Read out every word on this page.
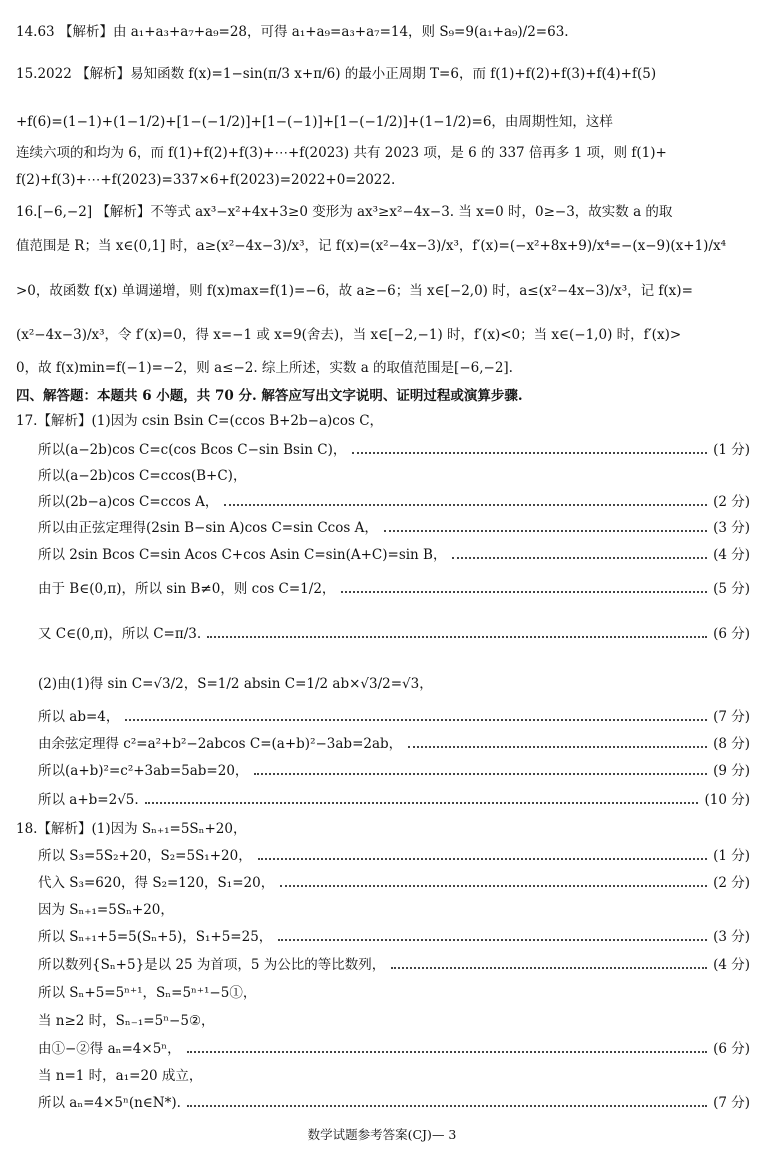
14.63 【解析】由 a₁+a₃+a₇+a₉=28，可得 a₁+a₉=a₃+a₇=14，则 S₉=9(a₁+a₉)/2=63.
15.2022 【解析】易知函数 f(x)=1−sin(π/3 x+π/6) 的最小正周期 T=6，而 f(1)+f(2)+f(3)+f(4)+f(5)
+f(6)=(1−1)+(1−1/2)+[1−(−1/2)]+[1−(−1)]+[1−(−1/2)]+(1−1/2)=6，由周期性知，这样
连续六项的和均为 6，而 f(1)+f(2)+f(3)+⋯+f(2023) 共有 2023 项，是 6 的 337 倍再多 1 项，则 f(1)+
f(2)+f(3)+⋯+f(2023)=337×6+f(2023)=2022+0=2022.
16.[−6,−2] 【解析】不等式 ax³−x²+4x+3≥0 变形为 ax³≥x²−4x−3. 当 x=0 时，0≥−3，故实数 a 的取
值范围是 R；当 x∈(0,1] 时，a≥(x²−4x−3)/x³，记 f(x)=(x²−4x−3)/x³，f′(x)=(−x²+8x+9)/x⁴=−(x−9)(x+1)/x⁴
>0，故函数 f(x) 单调递增，则 f(x)max=f(1)=−6，故 a≥−6；当 x∈[−2,0) 时，a≤(x²−4x−3)/x³，记 f(x)=
(x²−4x−3)/x³，令 f′(x)=0，得 x=−1 或 x=9(舍去)，当 x∈[−2,−1) 时，f′(x)<0；当 x∈(−1,0) 时，f′(x)>
0，故 f(x)min=f(−1)=−2，则 a≤−2. 综上所述，实数 a 的取值范围是[−6,−2].
四、解答题：本题共 6 小题，共 70 分. 解答应写出文字说明、证明过程或演算步骤.
17.【解析】(1)因为 csin Bsin C=(ccos B+2b−a)cos C，
所以(a−2b)cos C=c(cos Bcos C−sin Bsin C)，	(1 分)
所以(a−2b)cos C=ccos(B+C)，
所以(2b−a)cos C=ccos A，	(2 分)
所以由正弦定理得(2sin B−sin A)cos C=sin Ccos A，	(3 分)
所以 2sin Bcos C=sin Acos C+cos Asin C=sin(A+C)=sin B，	(4 分)
由于 B∈(0,π)，所以 sin B≠0，则 cos C=1/2，	(5 分)
又 C∈(0,π)，所以 C=π/3.	(6 分)
(2)由(1)得 sin C=√3/2，S=1/2 absin C=1/2 ab×√3/2=√3，
所以 ab=4，	(7 分)
由余弦定理得 c²=a²+b²−2abcos C=(a+b)²−3ab=2ab，	(8 分)
所以(a+b)²=c²+3ab=5ab=20，	(9 分)
所以 a+b=2√5.	(10 分)
18.【解析】(1)因为 Sₙ₊₁=5Sₙ+20，
所以 S₃=5S₂+20，S₂=5S₁+20，	(1 分)
代入 S₃=620，得 S₂=120，S₁=20，	(2 分)
因为 Sₙ₊₁=5Sₙ+20，
所以 Sₙ₊₁+5=5(Sₙ+5)，S₁+5=25，	(3 分)
所以数列{Sₙ+5}是以 25 为首项，5 为公比的等比数列，	(4 分)
所以 Sₙ+5=5ⁿ⁺¹，Sₙ=5ⁿ⁺¹−5①，
当 n≥2 时，Sₙ₋₁=5ⁿ−5②，
由①−②得 aₙ=4×5ⁿ，	(6 分)
当 n=1 时，a₁=20 成立，
所以 aₙ=4×5ⁿ(n∈N*).	(7 分)
数学试题参考答案(CJ)— 3
